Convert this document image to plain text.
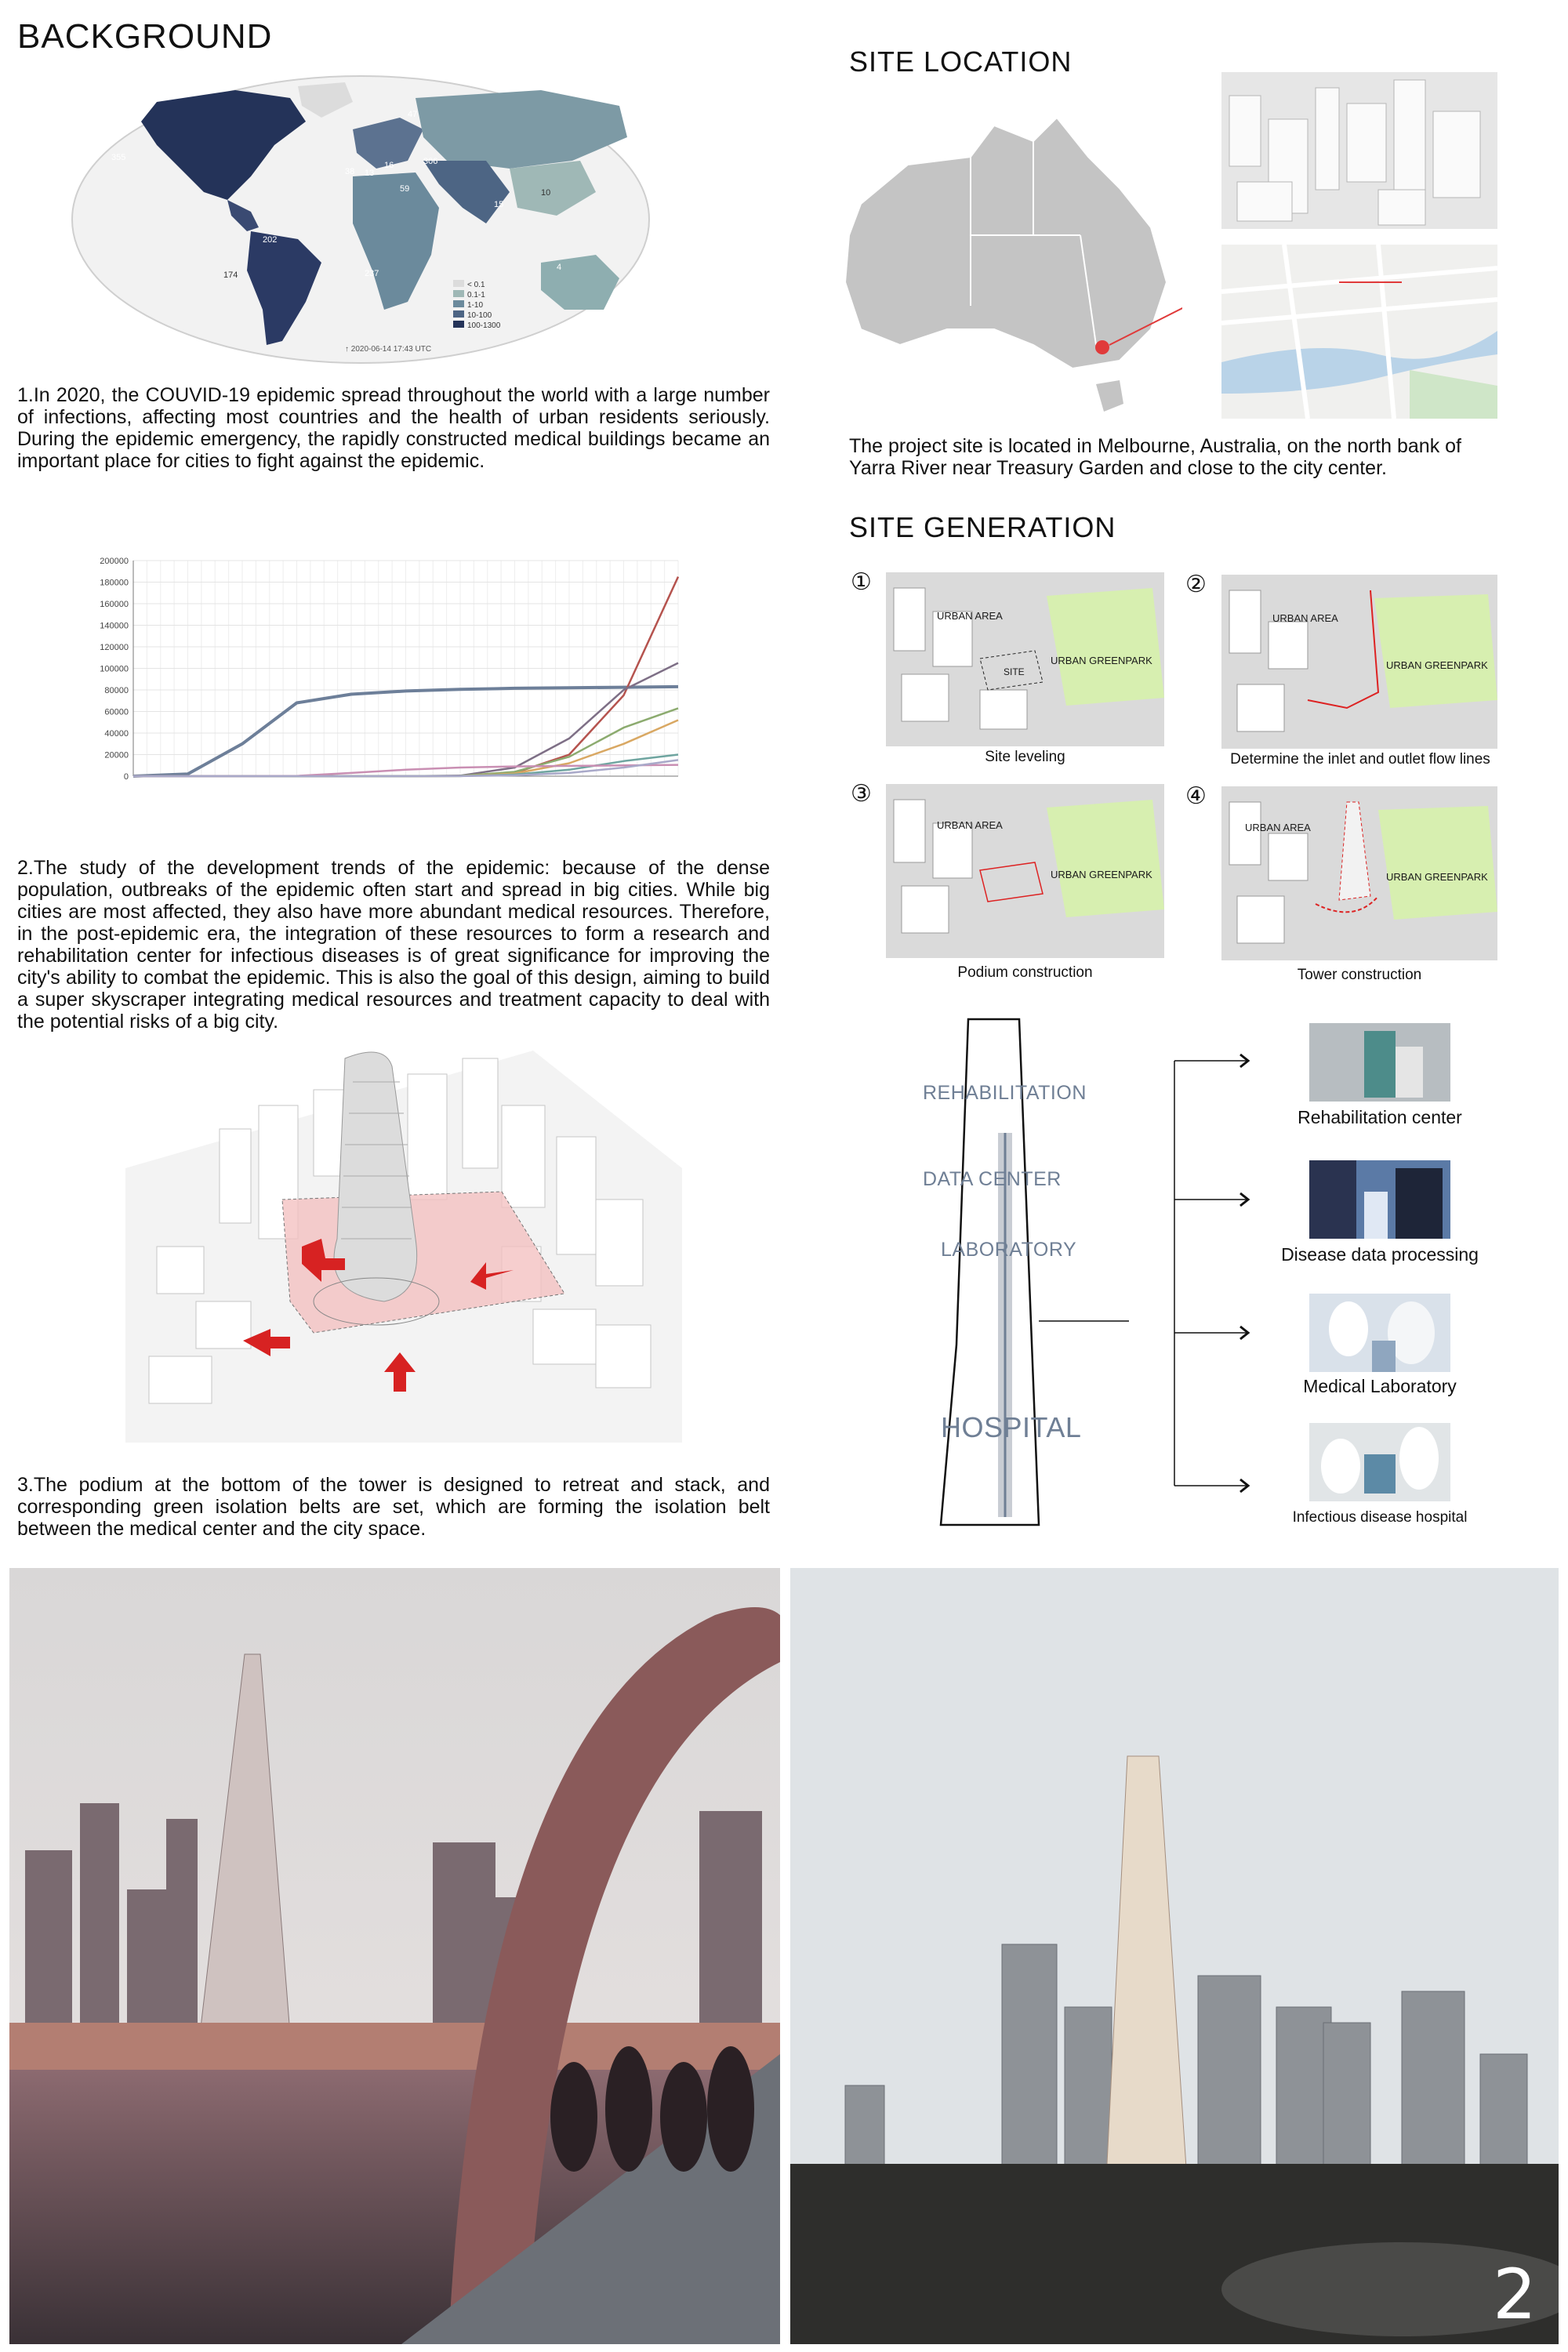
BACKGROUND
214
355
47
16	306
38 13
10
202
174	237
4
59
15
< 0.1
0.1-1
1-10
10-100
100-1300
↑ 2020-06-14 17:43 UTC
1.In 2020, the COUVID-19 epidemic spread throughout the world with a large number of infections, affecting most countries and the health of urban residents seriously. During the epidemic emergency, the rapidly constructed medical buildings became an important place for cities to fight against the epidemic.
0
20000
40000
60000
80000
100000
120000
140000
160000
180000
200000
2.The study of the development trends of the epidemic: because of the dense population, outbreaks of the epidemic often start and spread in big cities. While big cities are most affected, they also have more abundant medical resources. Therefore, in the post-epidemic era, the integration of these resources to form a research and rehabilitation center for infectious diseases is of great significance for improving the city's ability to combat the epidemic. This is also the goal of this design, aiming to build a super skyscraper integrating medical resources and treatment capacity to deal with the potential risks of a big city.
3.The podium at the bottom of the tower is designed to retreat and stack, and corresponding green isolation belts are set, which are forming the isolation belt between the medical center and the city space.
SITE LOCATION
The project site is located in Melbourne, Australia, on the north bank of Yarra River near Treasury Garden and close to the city center.
SITE GENERATION
①
URBAN AREA
URBAN GREENPARK
SITE
Site leveling
②
URBAN AREA
URBAN GREENPARK
Determine the inlet and outlet flow lines
③
URBAN AREA
URBAN GREENPARK
Podium construction
④
URBAN AREA
URBAN GREENPARK
Tower construction
REHABILITATION
DATA CENTER
LABORATORY
HOSPITAL
Rehabilitation center
Disease data processing
Medical Laboratory
Infectious disease hospital
2
